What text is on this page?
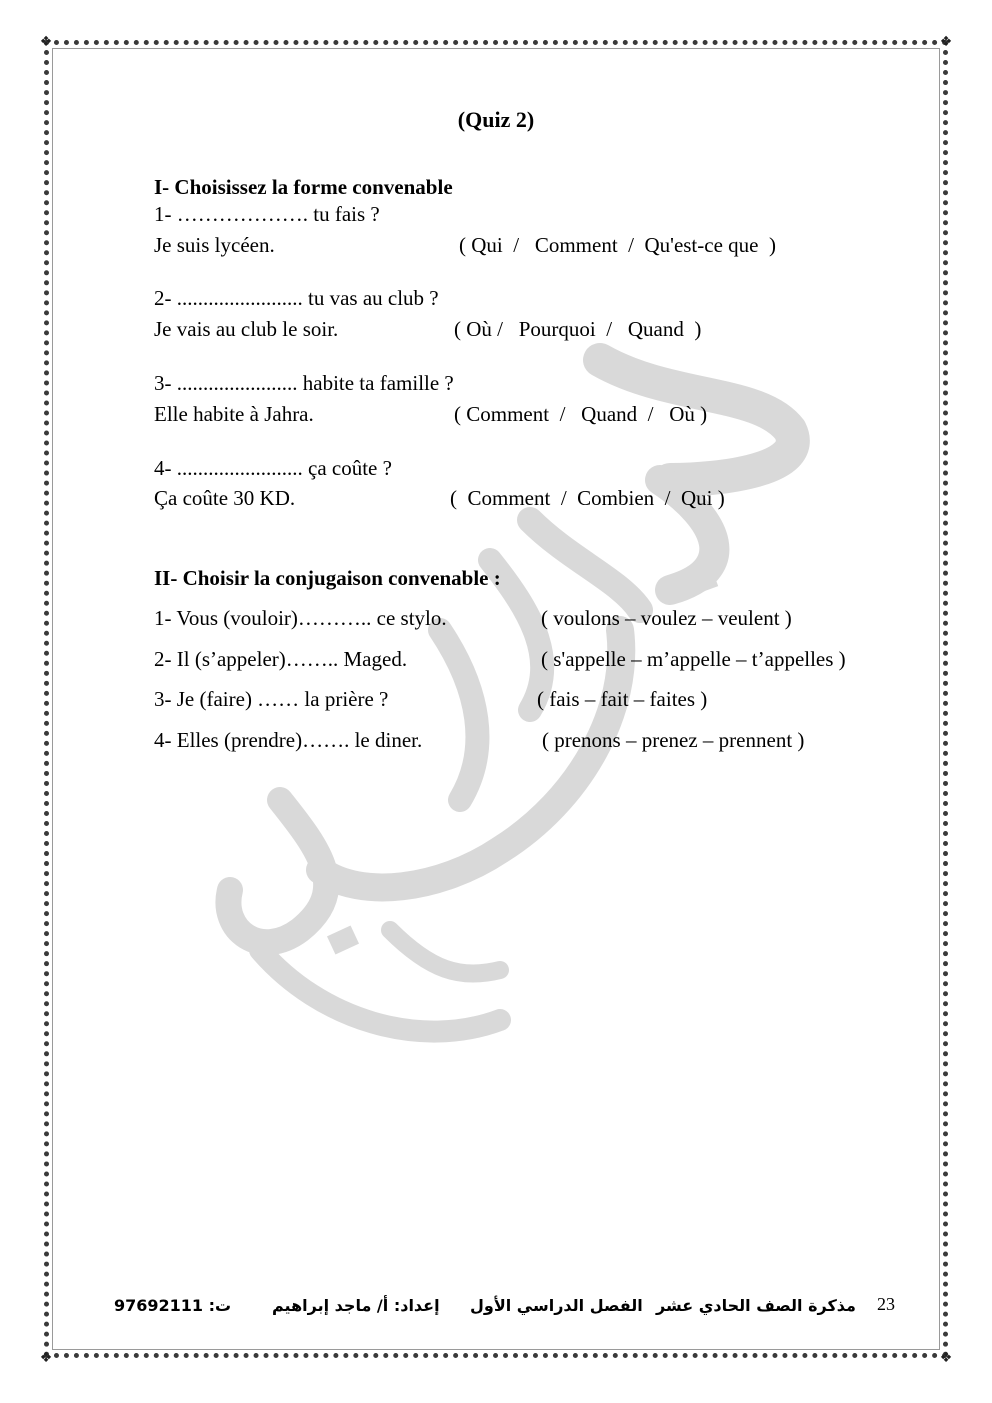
❖	❖
❖	❖
(Quiz 2)
I- Choisissez la forme convenable
1- ………………. tu fais ?
Je suis lycéen.	( Qui  /   Comment  /  Qu'est-ce que  )
2- ........................ tu vas au club ?
Je vais au club le soir.	( Où /   Pourquoi  /   Quand  )
3- ....................... habite ta famille ?
Elle habite à Jahra.	( Comment  /   Quand  /   Où )
4- ........................ ça coûte ?
Ça coûte 30 KD.	(  Comment  /  Combien  /  Qui )
II- Choisir la conjugaison convenable :
1- Vous (vouloir)……….. ce stylo.	( voulons – voulez – veulent )
2- Il (s’appeler)…….. Maged.	( s'appelle – m’appelle – t’appelles )
3- Je (faire) …… la prière ?	( fais – fait – faites )
4- Elles (prendre)……. le diner.	( prenons – prenez – prennent )
ت: 97692111	إعداد: أ/ ماجد إبراهيم الفصل الدراسي الأول مذكرة الصف الحادي عشر 23
